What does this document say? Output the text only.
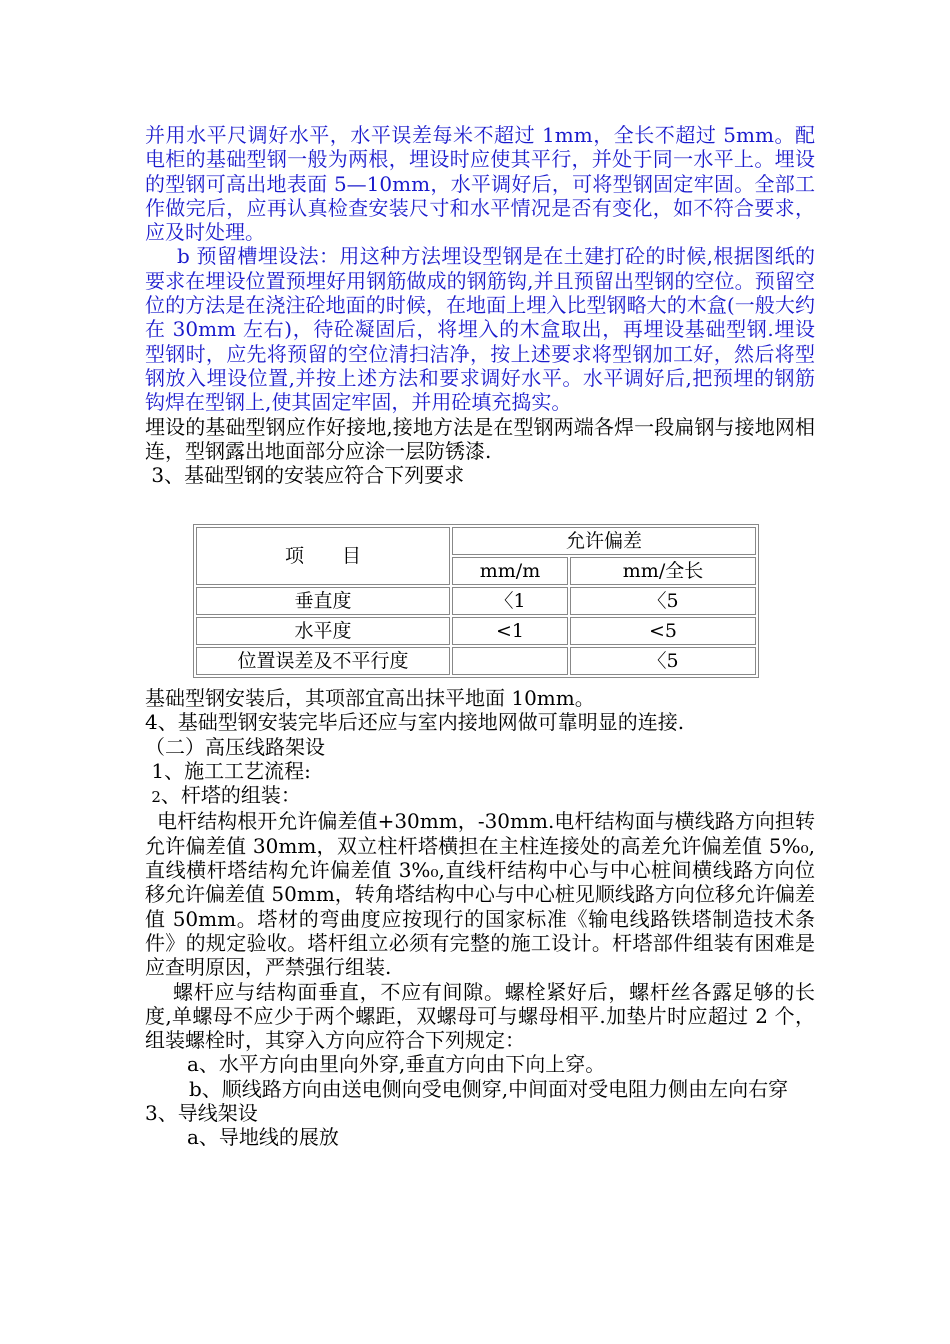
并用水平尺调好水平，水平误差每米不超过 1mm，全长不超过 5mm。配电柜的基础型钢一般为两根，埋设时应使其平行，并处于同一水平上。埋设的型钢可高出地表面 5—10mm，水平调好后，可将型钢固定牢固。全部工作做完后，应再认真检查安装尺寸和水平情况是否有变化，如不符合要求，应及时处理。

b 预留槽埋设法：用这种方法埋设型钢是在土建打砼的时候,根据图纸的要求在埋设位置预埋好用钢筋做成的钢筋钩,并且预留出型钢的空位。预留空位的方法是在浇注砼地面的时候，在地面上埋入比型钢略大的木盒(一般大约在 30mm 左右)，待砼凝固后，将埋入的木盒取出，再埋设基础型钢.埋设型钢时，应先将预留的空位清扫洁净，按上述要求将型钢加工好，然后将型钢放入埋设位置,并按上述方法和要求调好水平。水平调好后,把预埋的钢筋钩焊在型钢上,使其固定牢固，并用砼填充捣实。

埋设的基础型钢应作好接地,接地方法是在型钢两端各焊一段扁钢与接地网相连，型钢露出地面部分应涂一层防锈漆.

3、基础型钢的安装应符合下列要求

项　　目	允许偏差	
	mm/m	mm/全长
垂直度	〈1	〈5
水平度	<1	<5
位置误差及不平行度		〈5

基础型钢安装后，其项部宜高出抹平地面 10mm。

4、基础型钢安装完毕后还应与室内接地网做可靠明显的连接.

（二）高压线路架设

1、施工工艺流程:

2、杆塔的组装：

电杆结构根开允许偏差值+30mm，-30mm.电杆结构面与横线路方向担转允许偏差值 30mm，双立柱杆塔横担在主柱连接处的高差允许偏差值 5%₀,直线横杆塔结构允许偏差值 3%₀,直线杆结构中心与中心桩间横线路方向位移允许偏差值 50mm，转角塔结构中心与中心桩见顺线路方向位移允许偏差值 50mm。塔材的弯曲度应按现行的国家标准《输电线路铁塔制造技术条件》的规定验收。塔杆组立必须有完整的施工设计。杆塔部件组装有困难是应查明原因，严禁强行组装.

螺杆应与结构面垂直，不应有间隙。螺栓紧好后，螺杆丝各露足够的长度,单螺母不应少于两个螺距，双螺母可与螺母相平.加垫片时应超过 2 个，组装螺栓时，其穿入方向应符合下列规定：

a、水平方向由里向外穿,垂直方向由下向上穿。

b、顺线路方向由送电侧向受电侧穿,中间面对受电阻力侧由左向右穿

3、导线架设

a、导地线的展放
